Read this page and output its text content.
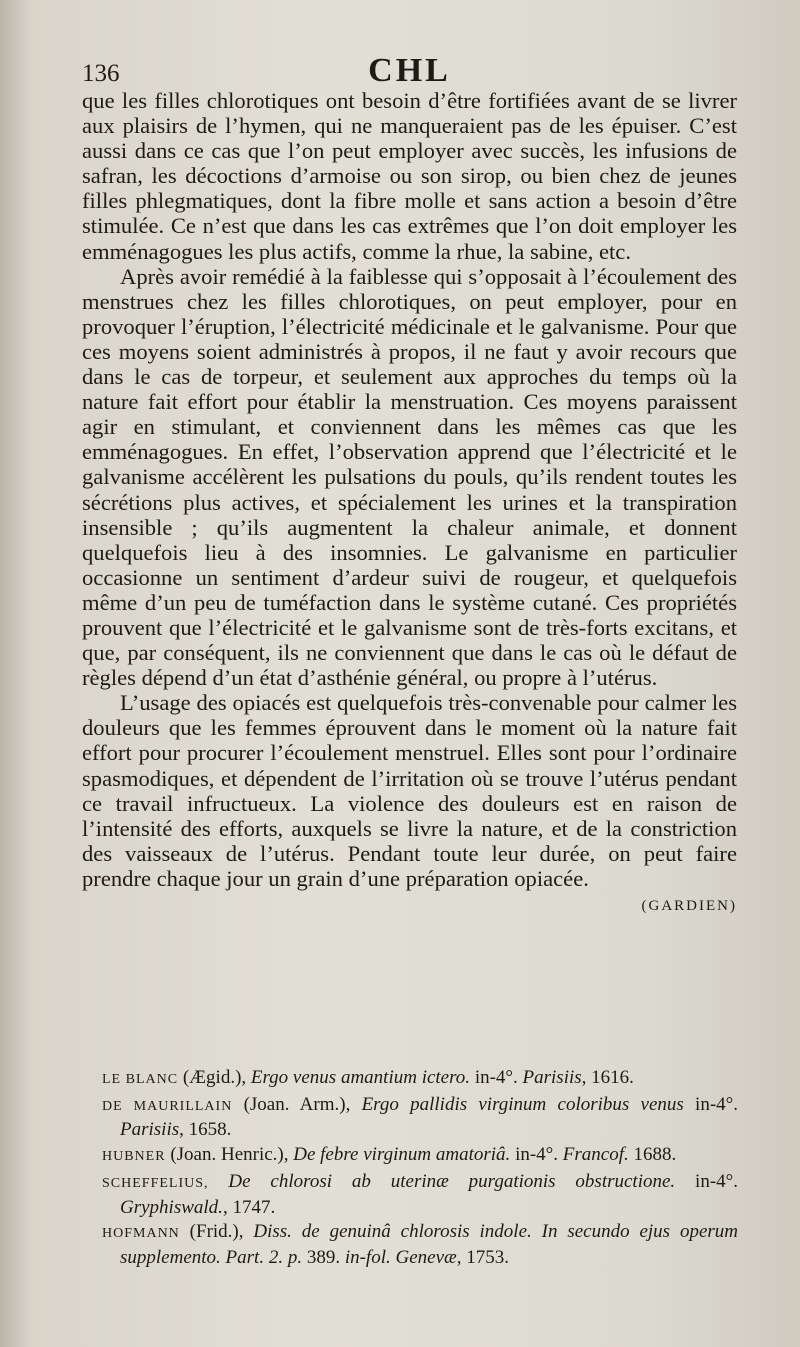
136	CHL

que les filles chlorotiques ont besoin d’être fortifiées avant de se livrer aux plaisirs de l’hymen, qui ne manqueraient pas de les épuiser. C’est aussi dans ce cas que l’on peut employer avec succès, les infusions de safran, les décoctions d’armoise ou son sirop, ou bien chez de jeunes filles phlegmatiques, dont la fibre molle et sans action a besoin d’être stimulée. Ce n’est que dans les cas extrêmes que l’on doit employer les emménagogues les plus actifs, comme la rhue, la sabine, etc.

Après avoir remédié à la faiblesse qui s’opposait à l’écoulement des menstrues chez les filles chlorotiques, on peut employer, pour en provoquer l’éruption, l’électricité médicinale et le galvanisme. Pour que ces moyens soient administrés à propos, il ne faut y avoir recours que dans le cas de torpeur, et seulement aux approches du temps où la nature fait effort pour établir la menstruation. Ces moyens paraissent agir en stimulant, et conviennent dans les mêmes cas que les emménagogues. En effet, l’observation apprend que l’électricité et le galvanisme accélèrent les pulsations du pouls, qu’ils rendent toutes les sécrétions plus actives, et spécialement les urines et la transpiration insensible ; qu’ils augmentent la chaleur animale, et donnent quelquefois lieu à des insomnies. Le galvanisme en particulier occasionne un sentiment d’ardeur suivi de rougeur, et quelquefois même d’un peu de tuméfaction dans le système cutané. Ces propriétés prouvent que l’électricité et le galvanisme sont de très-forts excitans, et que, par conséquent, ils ne conviennent que dans le cas où le défaut de règles dépend d’un état d’asthénie général, ou propre à l’utérus.

L’usage des opiacés est quelquefois très-convenable pour calmer les douleurs que les femmes éprouvent dans le moment où la nature fait effort pour procurer l’écoulement menstruel. Elles sont pour l’ordinaire spasmodiques, et dépendent de l’irritation où se trouve l’utérus pendant ce travail infructueux. La violence des douleurs est en raison de l’intensité des efforts, auxquels se livre la nature, et de la constriction des vaisseaux de l’utérus. Pendant toute leur durée, on peut faire prendre chaque jour un grain d’une préparation opiacée.

(GARDIEN)

LE BLANC (Ægid.), Ergo venus amantium ictero. in-4°. Parisiis, 1616.

DE MAURILLAIN (Joan. Arm.), Ergo pallidis virginum coloribus venus in-4°. Parisiis, 1658.

HUBNER (Joan. Henric.), De febre virginum amatoriâ. in-4°. Francof. 1688.

SCHEFFELIUS, De chlorosi ab uterinæ purgationis obstructione. in-4°. Gryphiswald., 1747.

HOFMANN (Frid.), Diss. de genuinâ chlorosis indole. In secundo ejus operum supplemento. Part. 2. p. 389. in-fol. Genevæ, 1753.
